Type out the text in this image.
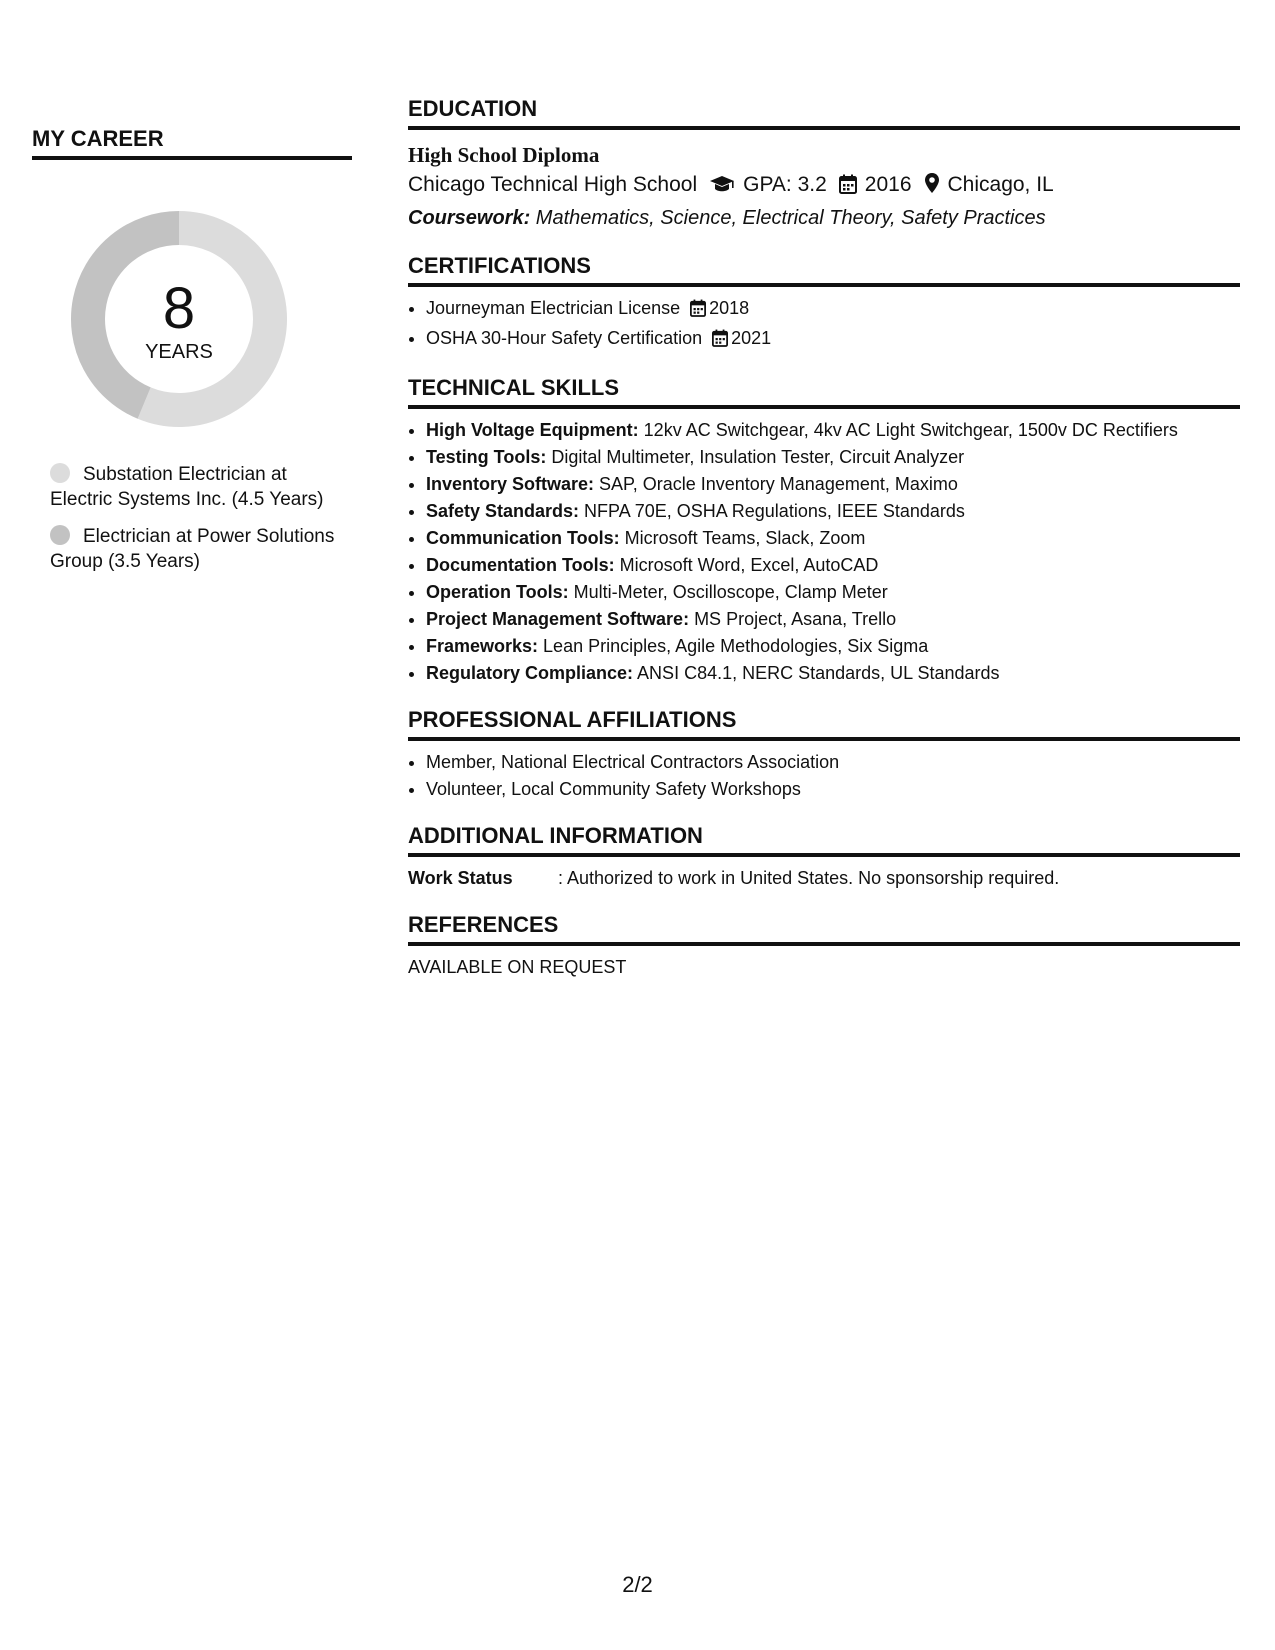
MY CAREER
8
YEARS
Substation Electrician at Electric Systems Inc. (4.5 Years)
Electrician at Power Solutions Group (3.5 Years)
EDUCATION
High School Diploma
Chicago Technical High School GPA: 3.2 2016 Chicago, IL
Coursework: Mathematics, Science, Electrical Theory, Safety Practices
CERTIFICATIONS
• Journeyman Electrician License 2018
• OSHA 30-Hour Safety Certification 2021
TECHNICAL SKILLS
• High Voltage Equipment: 12kv AC Switchgear, 4kv AC Light Switchgear, 1500v DC Rectifiers
• Testing Tools: Digital Multimeter, Insulation Tester, Circuit Analyzer
• Inventory Software: SAP, Oracle Inventory Management, Maximo
• Safety Standards: NFPA 70E, OSHA Regulations, IEEE Standards
• Communication Tools: Microsoft Teams, Slack, Zoom
• Documentation Tools: Microsoft Word, Excel, AutoCAD
• Operation Tools: Multi-Meter, Oscilloscope, Clamp Meter
• Project Management Software: MS Project, Asana, Trello
• Frameworks: Lean Principles, Agile Methodologies, Six Sigma
• Regulatory Compliance: ANSI C84.1, NERC Standards, UL Standards
PROFESSIONAL AFFILIATIONS
• Member, National Electrical Contractors Association
• Volunteer, Local Community Safety Workshops
ADDITIONAL INFORMATION
Work Status	: Authorized to work in United States. No sponsorship required.
REFERENCES
AVAILABLE ON REQUEST
2/2
